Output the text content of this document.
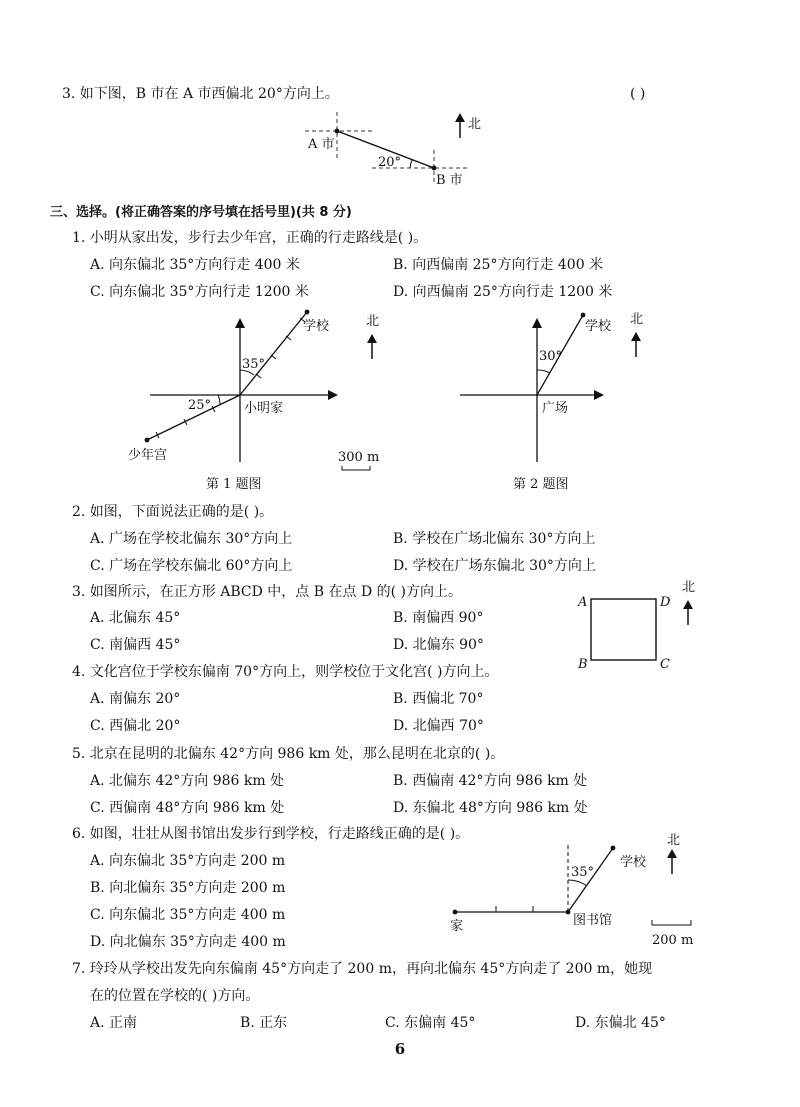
3. 如下图，B 市在 A 市西偏北 20°方向上。	( )
A 市
B 市
20°
北
35°
25°
学校
小明家
少年宫
北
300 m
第 1 题图
30°
学校
广场
北
第 2 题图
A	D
B	C
北
35°
学校
图书馆
家
北
200 m
三、选择。(将正确答案的序号填在括号里)(共 8 分)
1. 小明从家出发，步行去少年宫，正确的行走路线是( )。
A. 向东偏北 35°方向行走 400 米	B. 向西偏南 25°方向行走 400 米
C. 向东偏北 35°方向行走 1200 米	D. 向西偏南 25°方向行走 1200 米
2. 如图，下面说法正确的是( )。
A. 广场在学校北偏东 30°方向上	B. 学校在广场北偏东 30°方向上
C. 广场在学校东偏北 60°方向上	D. 学校在广场东偏北 30°方向上
3. 如图所示，在正方形 ABCD 中，点 B 在点 D 的( )方向上。
A. 北偏东 45°	B. 南偏西 90°
C. 南偏西 45°	D. 北偏东 90°
4. 文化宫位于学校东偏南 70°方向上，则学校位于文化宫( )方向上。
A. 南偏东 20°	B. 西偏北 70°
C. 西偏北 20°	D. 北偏西 70°
5. 北京在昆明的北偏东 42°方向 986 km 处，那么昆明在北京的( )。
A. 北偏东 42°方向 986 km 处	B. 西偏南 42°方向 986 km 处
C. 西偏南 48°方向 986 km 处	D. 东偏北 48°方向 986 km 处
6. 如图，壮壮从图书馆出发步行到学校，行走路线正确的是( )。
A. 向东偏北 35°方向走 200 m
B. 向北偏东 35°方向走 200 m
C. 向东偏北 35°方向走 400 m
D. 向北偏东 35°方向走 400 m
7. 玲玲从学校出发先向东偏南 45°方向走了 200 m，再向北偏东 45°方向走了 200 m，她现
在的位置在学校的( )方向。
A. 正南	B. 正东	C. 东偏南 45°	D. 东偏北 45°
6
